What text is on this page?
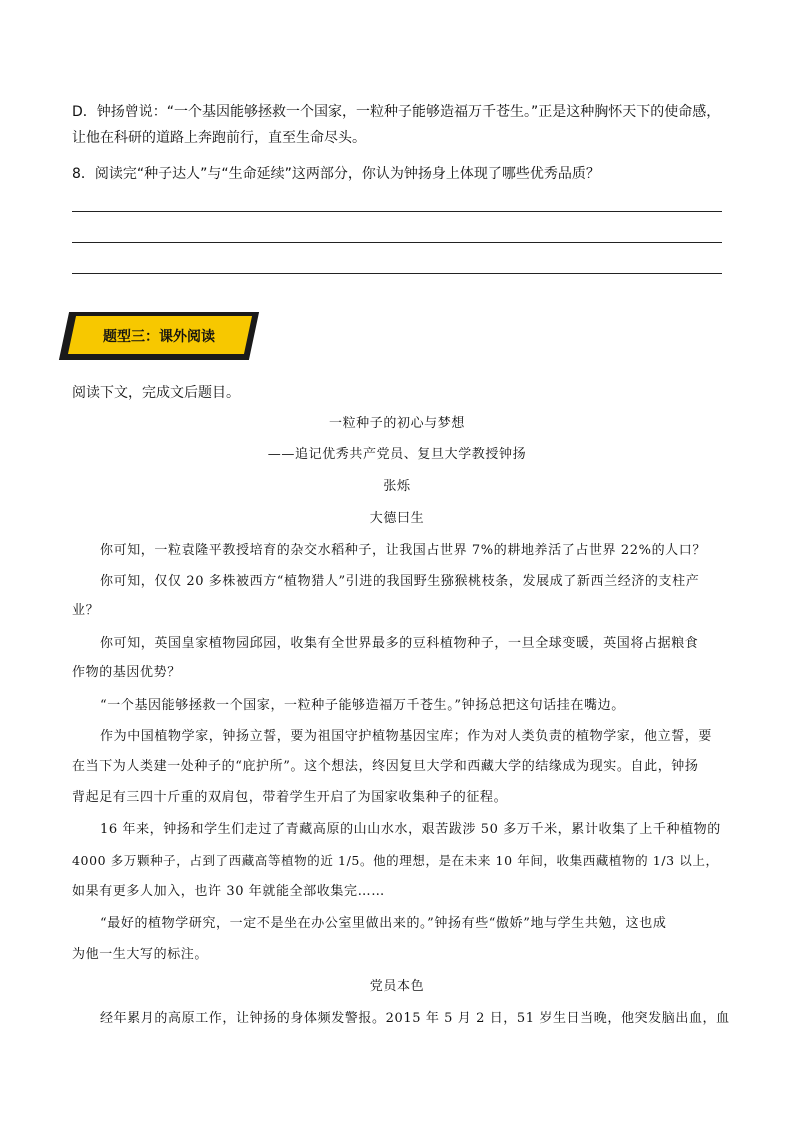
D．钟扬曾说：“一个基因能够拯救一个国家，一粒种子能够造福万千苍生。”正是这种胸怀天下的使命感，
让他在科研的道路上奔跑前行，直至生命尽头。
8．阅读完“种子达人”与“生命延续”这两部分，你认为钟扬身上体现了哪些优秀品质？
题型三：课外阅读
阅读下文，完成文后题目。
一粒种子的初心与梦想
——追记优秀共产党员、复旦大学教授钟扬
张烁
大德曰生
你可知，一粒袁隆平教授培育的杂交水稻种子，让我国占世界 7%的耕地养活了占世界 22%的人口？
你可知，仅仅 20 多株被西方“植物猎人”引进的我国野生猕猴桃枝条，发展成了新西兰经济的支柱产
业？
你可知，英国皇家植物园邱园，收集有全世界最多的豆科植物种子，一旦全球变暖，英国将占据粮食
作物的基因优势？
“一个基因能够拯救一个国家，一粒种子能够造福万千苍生。”钟扬总把这句话挂在嘴边。
作为中国植物学家，钟扬立誓，要为祖国守护植物基因宝库；作为对人类负责的植物学家，他立誓，要
在当下为人类建一处种子的“庇护所”。这个想法，终因复旦大学和西藏大学的结缘成为现实。自此，钟扬
背起足有三四十斤重的双肩包，带着学生开启了为国家收集种子的征程。
16 年来，钟扬和学生们走过了青藏高原的山山水水，艰苦跋涉 50 多万千米，累计收集了上千种植物的
4000 多万颗种子，占到了西藏高等植物的近 1/5。他的理想，是在未来 10 年间，收集西藏植物的 1/3 以上，
如果有更多人加入，也许 30 年就能全部收集完……
“最好的植物学研究，一定不是坐在办公室里做出来的。”钟扬有些“傲娇”地与学生共勉，这也成
为他一生大写的标注。
党员本色
经年累月的高原工作，让钟扬的身体频发警报。2015 年 5 月 2 日，51 岁生日当晚，他突发脑出血，血
